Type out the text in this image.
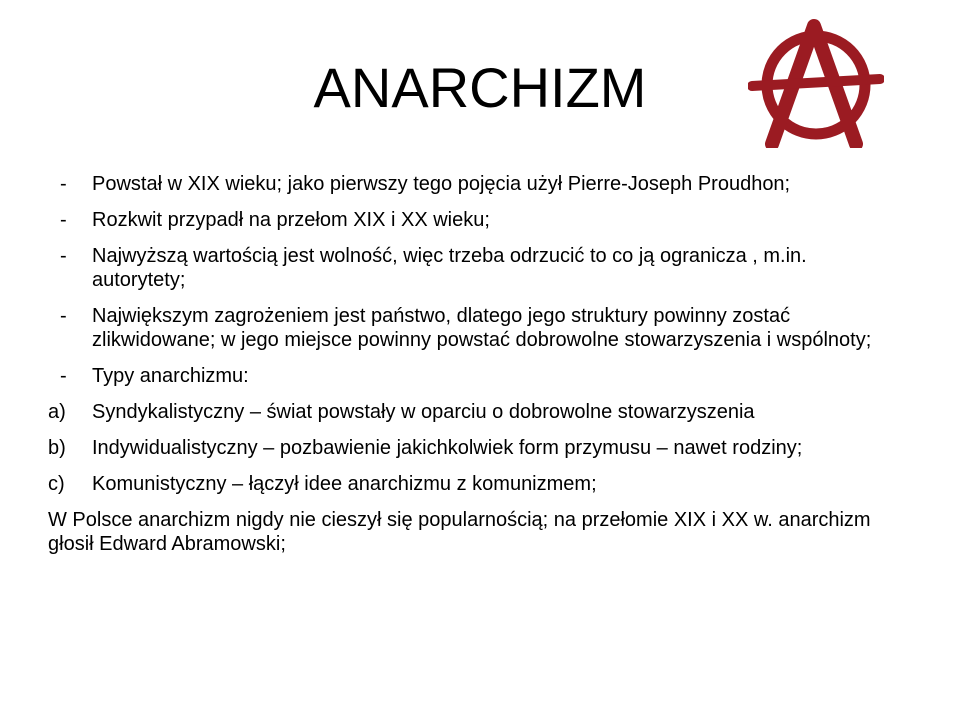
ANARCHIZM
-	Powstał w XIX wieku; jako pierwszy tego pojęcia użył Pierre-Joseph Proudhon;
-	Rozkwit przypadł na przełom XIX i XX wieku;
-	Najwyższą wartością jest wolność, więc trzeba odrzucić to co ją ogranicza , m.in. autorytety;
-	Największym zagrożeniem jest państwo, dlatego jego struktury powinny zostać zlikwidowane; w jego miejsce powinny powstać dobrowolne stowarzyszenia i wspólnoty;
-	Typy anarchizmu:
a)	Syndykalistyczny – świat powstały w oparciu o dobrowolne stowarzyszenia
b)	Indywidualistyczny – pozbawienie jakichkolwiek form przymusu – nawet rodziny;
c)	Komunistyczny – łączył idee anarchizmu z komunizmem;

W Polsce anarchizm nigdy nie cieszył się popularnością; na przełomie XIX i XX w. anarchizm głosił Edward Abramowski;
